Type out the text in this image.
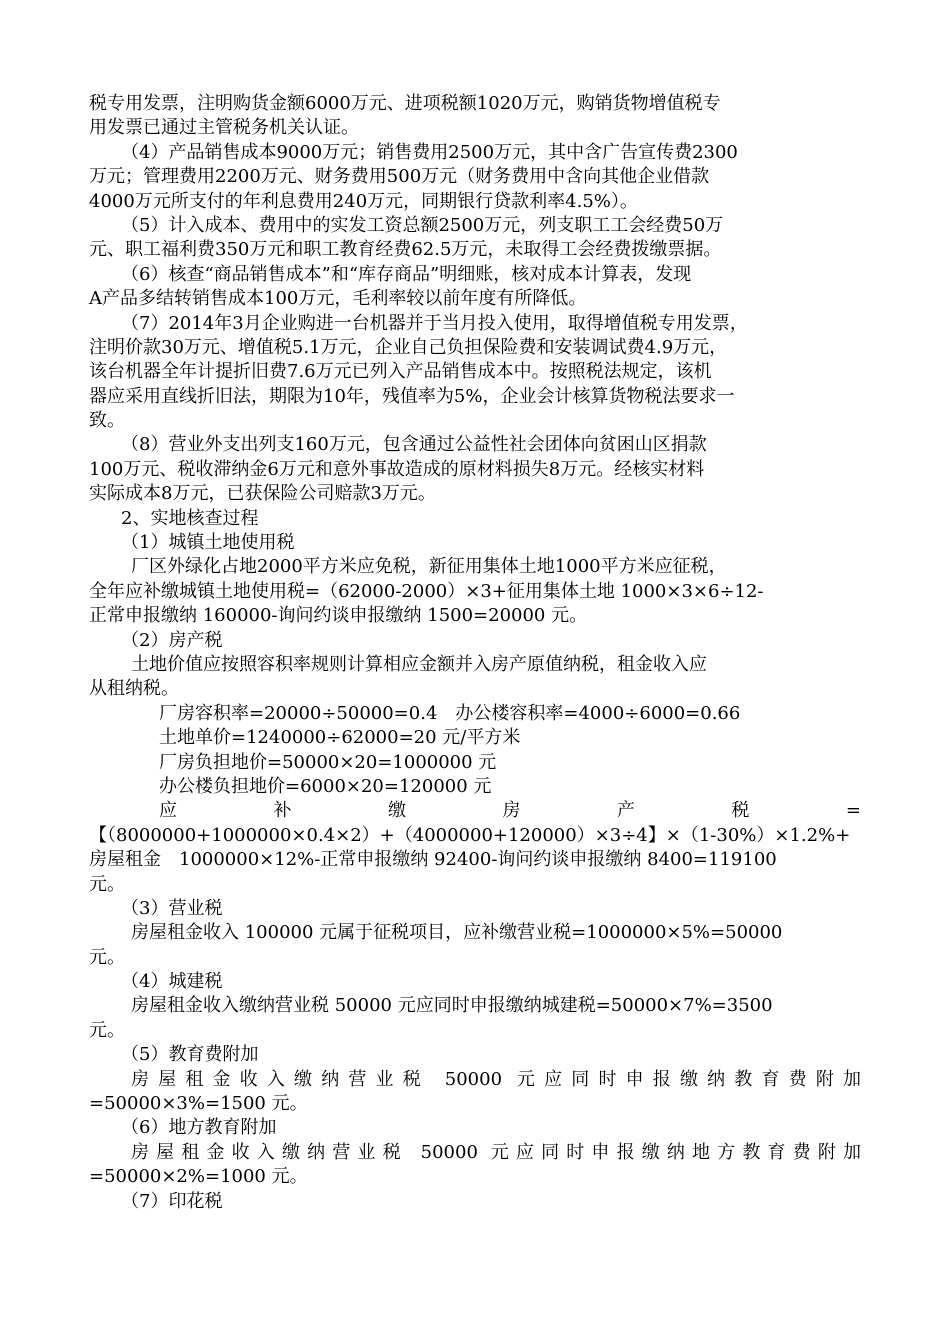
税专用发票，注明购货金额6000万元、进项税额1020万元，购销货物增值税专

用发票已通过主管税务机关认证。

（4）产品销售成本9000万元；销售费用2500万元，其中含广告宣传费2300

万元；管理费用2200万元、财务费用500万元（财务费用中含向其他企业借款

4000万元所支付的年利息费用240万元，同期银行贷款利率4.5%）。

（5）计入成本、费用中的实发工资总额2500万元，列支职工工会经费50万

元、职工福利费350万元和职工教育经费62.5万元，未取得工会经费拨缴票据。

（6）核查“商品销售成本”和“库存商品”明细账，核对成本计算表，发现

A产品多结转销售成本100万元，毛利率较以前年度有所降低。

（7）2014年3月企业购进一台机器并于当月投入使用，取得增值税专用发票，

注明价款30万元、增值税5.1万元，企业自己负担保险费和安装调试费4.9万元，

该台机器全年计提折旧费7.6万元已列入产品销售成本中。按照税法规定，该机

器应采用直线折旧法，期限为10年，残值率为5%，企业会计核算货物税法要求一

致。

（8）营业外支出列支160万元，包含通过公益性社会团体向贫困山区捐款

100万元、税收滞纳金6万元和意外事故造成的原材料损失8万元。经核实材料

实际成本8万元，已获保险公司赔款3万元。

2、实地核查过程

（1）城镇土地使用税

厂区外绿化占地2000平方米应免税，新征用集体土地1000平方米应征税，

全年应补缴城镇土地使用税=（62000-2000）×3+征用集体土地 1000×3×6÷12-

正常申报缴纳 160000-询问约谈申报缴纳 1500=20000 元。

（2）房产税

土地价值应按照容积率规则计算相应金额并入房产原值纳税，租金收入应

从租纳税。

厂房容积率=20000÷50000=0.4　办公楼容积率=4000÷6000=0.66

土地单价=1240000÷62000=20 元/平方米

厂房负担地价=50000×20=1000000 元

办公楼负担地价=6000×20=120000 元

应　补　缴　房　产　税　=

【（8000000+1000000×0.4×2）+（4000000+120000）×3÷4】×（1-30%）×1.2%+

房屋租金　1000000×12%-正常申报缴纳 92400-询问约谈申报缴纳 8400=119100

元。

（3）营业税

房屋租金收入 100000 元属于征税项目，应补缴营业税=1000000×5%=50000

元。

（4）城建税

房屋租金收入缴纳营业税 50000 元应同时申报缴纳城建税=50000×7%=3500

元。

（5）教育费附加

房屋租金收入缴纳营业税 50000 元应同时申报缴纳教育费附加

=50000×3%=1500 元。

（6）地方教育附加

房屋租金收入缴纳营业税 50000 元应同时申报缴纳地方教育费附加

=50000×2%=1000 元。

（7）印花税
